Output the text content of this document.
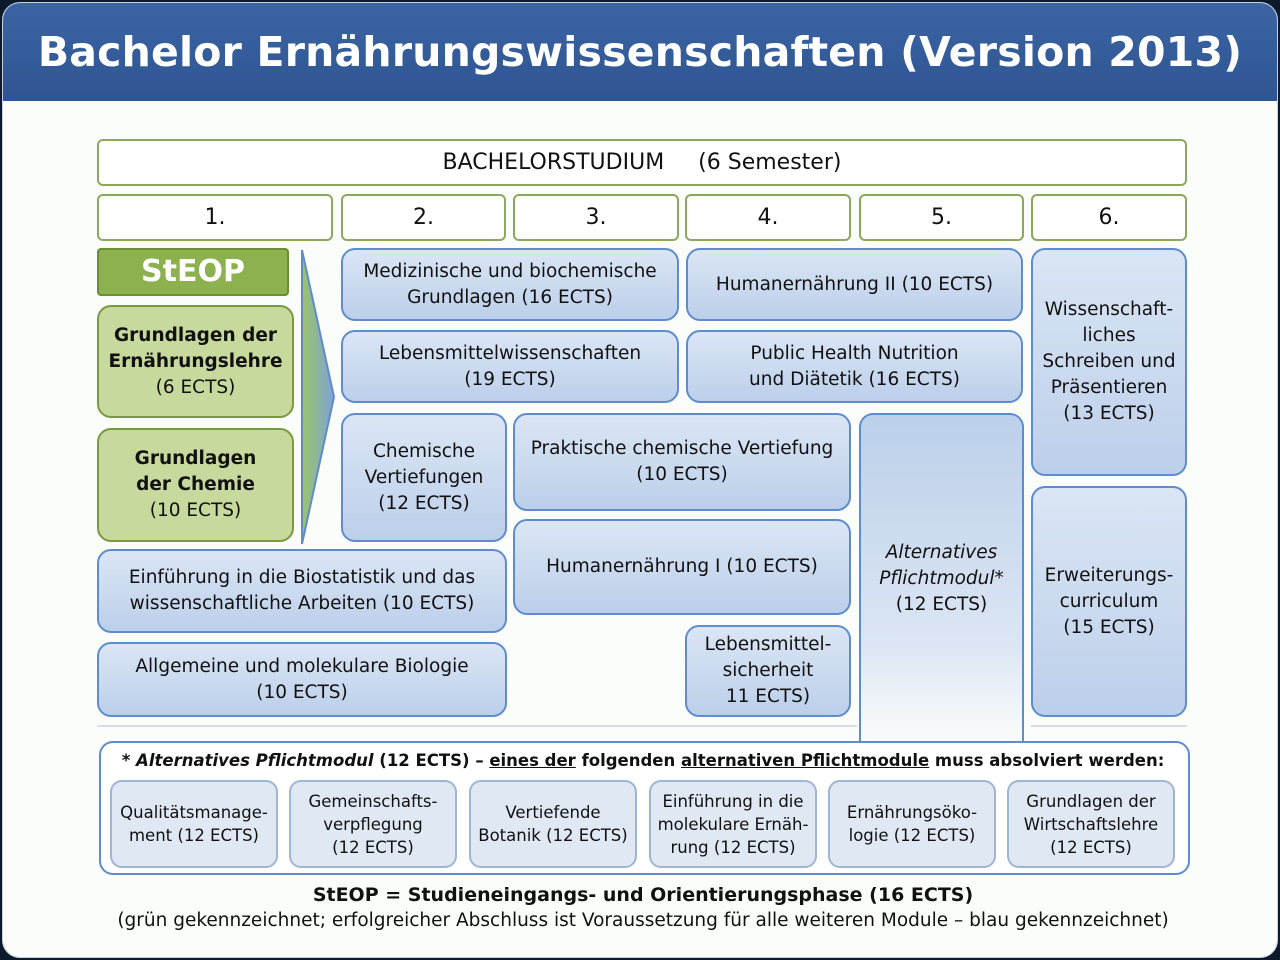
Bachelor Ernährungswissenschaften (Version 2013)
BACHELORSTUDIUM (6 Semester)
1.	2.	3.	4.	5.	6.
StEOP
Grundlagen der
Ernährungslehre
(6 ECTS)
Grundlagen
der Chemie
(10 ECTS)
Medizinische und biochemische
Grundlagen (16 ECTS)
Lebensmittelwissenschaften
(19 ECTS)
Chemische
Vertiefungen
(12 ECTS)
Praktische chemische Vertiefung
(10 ECTS)
Humanernährung I (10 ECTS)
Einführung in die Biostatistik und das
wissenschaftliche Arbeiten (10 ECTS)
Allgemeine und molekulare Biologie
(10 ECTS)
Humanernährung II (10 ECTS)
Public Health Nutrition
und Diätetik (16 ECTS)
Lebensmittel-
sicherheit
11 ECTS)
Alternatives
Pflichtmodul*
(12 ECTS)
Wissenschaft-
liches
Schreiben und
Präsentieren
(13 ECTS)
Erweiterungs-
curriculum
(15 ECTS)
* Alternatives Pflichtmodul (12 ECTS) – eines der folgenden alternativen Pflichtmodule muss absolviert werden:
Qualitätsmanage-
ment (12 ECTS)
Gemeinschafts-
verpflegung
(12 ECTS)
Vertiefende
Botanik (12 ECTS)
Einführung in die
molekulare Ernäh-
rung (12 ECTS)
Ernährungsöko-
logie (12 ECTS)
Grundlagen der
Wirtschaftslehre
(12 ECTS)
StEOP = Studieneingangs- und Orientierungsphase (16 ECTS)
(grün gekennzeichnet; erfolgreicher Abschluss ist Voraussetzung für alle weiteren Module – blau gekennzeichnet)
